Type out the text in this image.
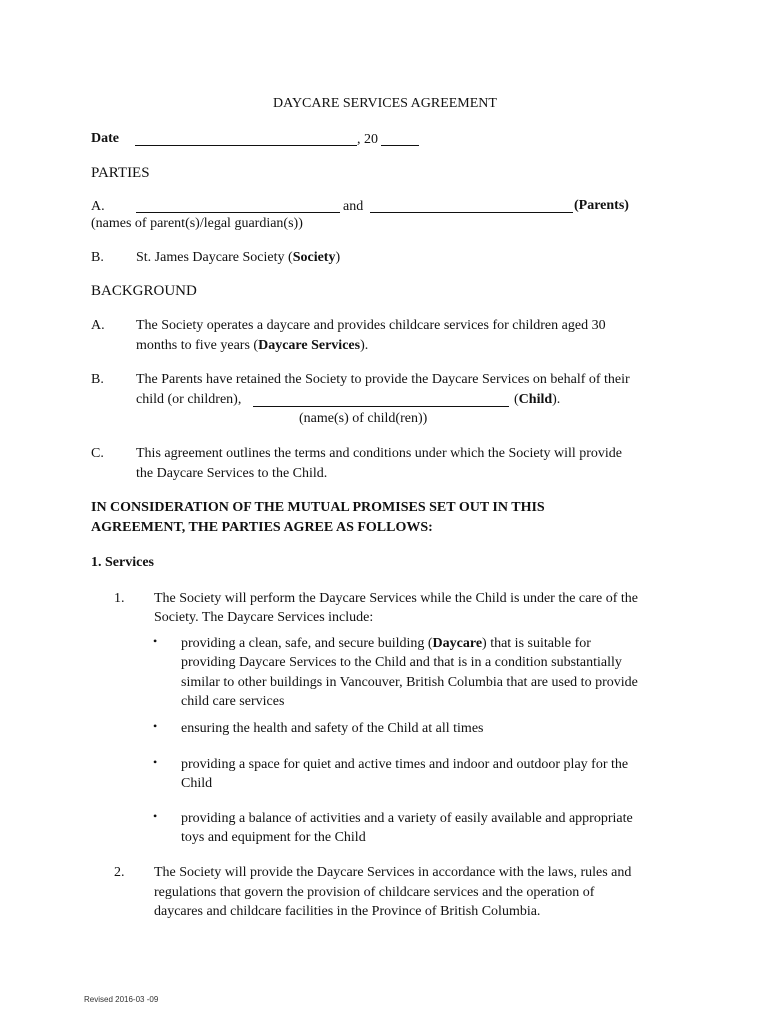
DAYCARE SERVICES AGREEMENT
Date	, 20
PARTIES
A.	and	(Parents)
(names of parent(s)/legal guardian(s))
B. St. James Daycare Society (Society)
BACKGROUND
A. The Society operates a daycare and provides childcare services for children aged 30
months to five years (Daycare Services).
B. The Parents have retained the Society to provide the Daycare Services on behalf of their
child (or children),	(Child).
(name(s) of child(ren))
C. This agreement outlines the terms and conditions under which the Society will provide
the Daycare Services to the Child.
IN CONSIDERATION OF THE MUTUAL PROMISES SET OUT IN THIS
AGREEMENT, THE PARTIES AGREE AS FOLLOWS:
1. Services
1. The Society will perform the Daycare Services while the Child is under the care of the
Society. The Daycare Services include:
• providing a clean, safe, and secure building (Daycare) that is suitable for
providing Daycare Services to the Child and that is in a condition substantially
similar to other buildings in Vancouver, British Columbia that are used to provide
child care services
• ensuring the health and safety of the Child at all times
• providing a space for quiet and active times and indoor and outdoor play for the
Child
• providing a balance of activities and a variety of easily available and appropriate
toys and equipment for the Child
2. The Society will provide the Daycare Services in accordance with the laws, rules and
regulations that govern the provision of childcare services and the operation of
daycares and childcare facilities in the Province of British Columbia.
Revised 2016-03 -09
